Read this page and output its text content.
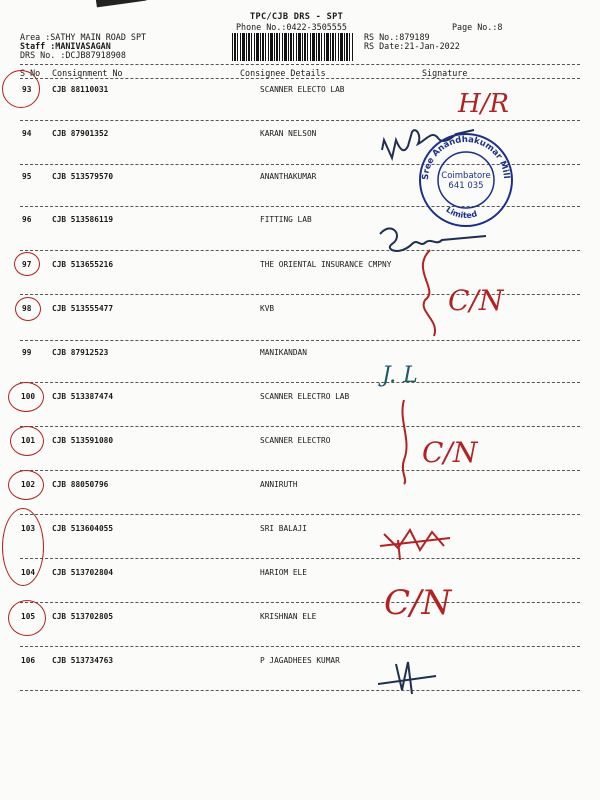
TPC/CJB DRS - SPT
Phone No.:0422-3505555	Page No.:8
Area :SATHY MAIN ROAD SPT
Staff :MANIVASAGAN
DRS No. :DCJB87918908
RS No.:879189
RS Date:21-Jan-2022
S No Consignment No	Consignee Details	Signature
93	CJB 88110031	SCANNER ELECTO LAB
94	CJB 87901352	KARAN NELSON
95	CJB 513579570	ANANTHAKUMAR
96	CJB 513586119	FITTING LAB
97	CJB 513655216	THE ORIENTAL INSURANCE CMPNY
98	CJB 513555477	KVB
99	CJB 87912523	MANIKANDAN
100 CJB 513387474	SCANNER ELECTRO LAB
101 CJB 513591080	SCANNER ELECTRO
102 CJB 88050796	ANNIRUTH
103 CJB 513604055	SRI BALAJI
104 CJB 513702804	HARIOM ELE
105 CJB 513702805	KRISHNAN ELE
106 CJB 513734763	P JAGADHEES KUMAR
H/R
C/N
C/N
C/N
J. L
Sree Anandhakumar Mills P.
Limited
Coimbatore
641 035
